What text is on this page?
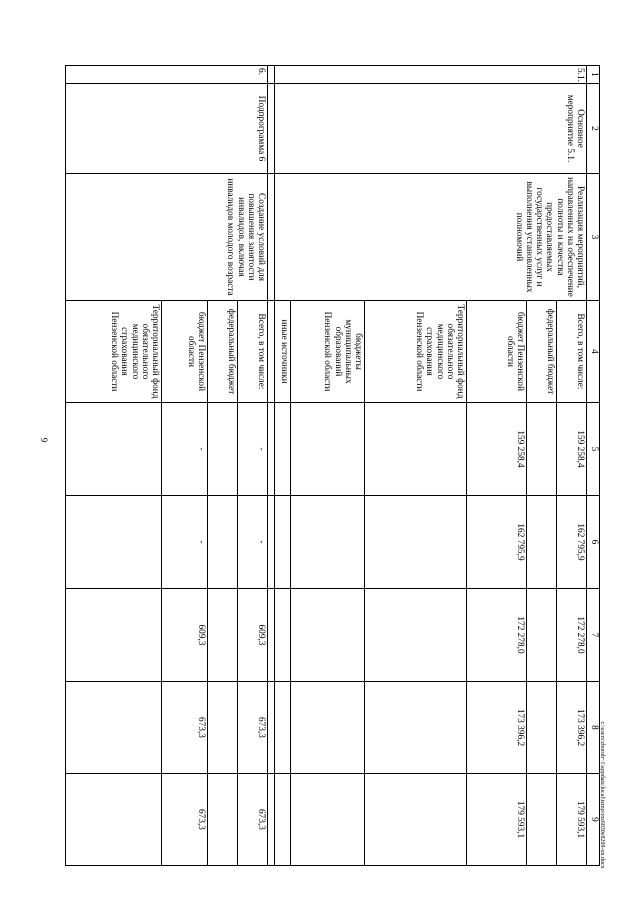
9
1	2	3	4	5	6	7	8	9
5.1.	Основное мероприятие 5.1.	Реализация мероприятий, направленных на обеспечение полноты и качества предоставляемых государственных услуг и выполнения установленных полномочий	Всего, в том числе:	159 258,4	162 795,9	172 278,0	173 396,2	179 593,1
			федеральный бюджет					
			бюджет Пензенской области	159 258,4	162 795,9	172 278,0	173 396,2	179 593,1
			Территориальный фонд обязательного медицинского страхования Пензенской области					
			бюджеты муниципальных образований Пензенской области					
			иные источники					

6.	Подпрограмма 6	Создание условий для повышения занятости инвалидов, включая инвалидов молодого возраста	Всего, в том числе:	-	-	609,3	673,3	673,3
			федеральный бюджет					
			бюджет Пензенской области	-	-	609,3	673,3	673,3
			Территориальный фонд обязательного медицинского страхования Пензенской области					
c:\users\zborob~1\appdata\local\temp\ros6030e8209-un.docx
